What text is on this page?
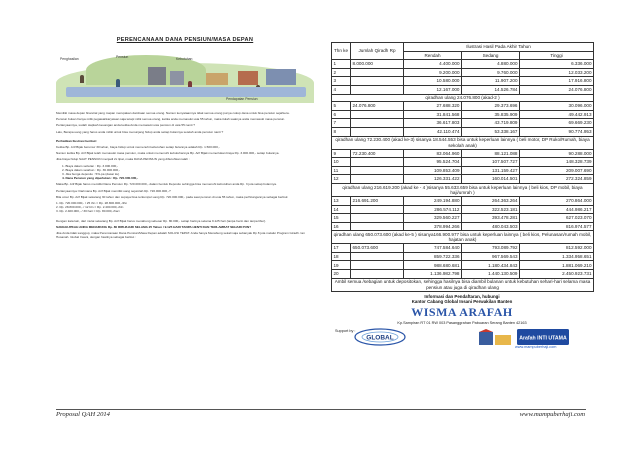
PERENCANAAN DANA PENSIUN/MASA DEPAN
Penghasilan	Pensiun	Kebutuhan
Pendapatan Pensiun

Memiliki masa depan financial yang mapan merupakan dambaan semua orang. Namun kenyataannya tidak semua orang punya cukup dana untuk bisa pensiun sejahtera.

Pensiun bukan hanya milik pegawai/karyawan saja tetapi milik semua orang, ketika anda memasuki usia 55 tahun, maka itulah saatnya anda memasuki masa pensiun.

Pertanyaannya, sudah siapkah keuangan anda ketika Anda memasuki usia pensiun di usia 55 nanti ?

Lalu, Berapa uang yang harus anda miliki untuk bisa menunjang hidup anda setiap bulannya setelah anda pensiun nanti ?

Perhatikan Ilustrasi berikut:

Ketika Bp. Arif Bijak berumur 30 tahun, biaya hidup untuk memenuhi kebutuhan setiap bulannya adalah Rp. 1.500.000,-

Namun ketika Bp. Arif Bijak telah memasuki masa pensiun, maka untuk memenuhi kebutuhannya Bp. Arif Bijak memerlukan biaya Rp. 3.000.000,- setiap bulannya.

Jika biaya hidup SAAT PENSIUN menjadi 2x lipat, maka DANA PENSIUN yang dibutuhkan ialah :

1. Biaya dalam sebulan : Rp. 3.000.000,-

2. Biaya dalam setahun : Rp. 36.000.000,-

3. Jika bunga deposito : 5%-pa (dasar ku)

4. Dana Pensiun yang diperlukan : Rp. 720.000.000,-

Maka Bp. Arif Bijak harus memiliki Dana Pensiun Rp. 720.000.000,- dalam bentuk Deposito sehingga bisa memenuhi kebutuhan anda Rp. 3 juta setiap bulannya.

Pertanyaannya: Darimana Bp. Arif Bijak memiliki uang sejumlah Rp. 720.000.000,-?

Bila umur Bp. Arif Bijak sekarang 30 tahun dan supaya bisa terkumpul uang Rp. 720.000.000,- pada saat pensiun di usia 55 tahun, maka perhitungannya sebagai berikut:

1. Rp. 720.000.000,- / 25 thn = Rp. 28.800.000,-/thn

2. Rp. 28.800.000,- / 12 bln = Rp. 2.400.000,-/bln

3. Rp. 2.400.000,- / 30 hari = Rp. 80.000,-/hari

Dengan kata lain, dari mulai sekarang Bp. Arif Bijak harus menabung sebesar Rp. 80.000,- setiap harinya selama 9.125 hari (tanpa henti dan tanpa libur).

SANGGUPKAH ANDA MENABUNG Rp. 80 RIBU/HARI SELAMA 25 Tahun / 9.125 HARI TANPA HENTI DAN TERLAMBAT SEHARI PUN?

Jika Anda tidak sanggup, maka Perencanaan Dana Pensiun/Masa Depan adalah SOLUSI TEPAT. Anda hanya Menabung sekali saja sebanyak Rp 8 juta melalui Program Giradh. Ian Hosanah. Global Insani, dengan hasilnya sebagai berikut :

Thn ke	Jumlah Qiradh Rp	Ilustrasi Hasil Pada Akhir Tahun		
		Rendah	Sedang	Tinggi
1	8.000.000	4.400.000	4.880.000	6.336.000
2		9.200.000	9.760.000	12.033.200
3		10.580.000	11.907.200	17.916.800
4		12.167.000	14.526.784	24.076.800
qiradhan ulang 24.076.800 (akad-2 )				
5	24.076.800	27.688.320	29.373.696	30.096.000
6		31.841.568	35.835.909	49.442.913
7		36.617.803	43.719.809	69.669.230
8		42.110.474	53.338.167	90.774.953
qiradhan ulang 72.230.400 (akad ke-3) sisanya 18.544.553 bisa untuk keperluan lainnya ( beli motor, DP Ruko/Rumah, biaya sekolah anak)				
9	72.230.400	83.064.960	88.121.088	90.288.000
10		95.524.704	107.507.727	148.328.739
11		109.853.409	131.159.427	209.007.690
12		126.331.422	160.014.501	272.324.859
qiradhan ulang 216.619.200 (akad ke - 4 )sisanya 55.633.659 bisa untuk keperluan lainnya ( beli kios, DP mobil, biaya haji/umrah )				
13	216.691.200	249.194.880	264.363.264	270.864.000
14		286.574.112	322.523.181	444.986.217
15		329.560.227	393.478.281	627.023.070
16		378.994.266	480.043.503	816.974.577
qiradhan ulang 650.073.600 (akad ke-5 ) sisanya166.900.977 bisa untuk keperluan lainnya ( beli kios, Pelunasan/rumah mobil, hajatan anak)				
17	650.073.600	747.584.640	793.089.792	812.592.000
18		859.722.336	967.569.543	1.334.958.651
19		988.680.681	1.180.434.843	1.881.069.210
20		1.136.982.798	1.440.130.509	2.450.923.731
Ambil semua /sebagian untuk depositokan, sehingga hasilnya bisa diambil bulanan untuk kebutuhan sehari-hari selama masa pensiun atau juga di qiradhan ulang				
Informasi dan Pendaftaran, hubungi
Kantor Cabang Global Insani Perwakilan Banten
WISMA ARAFAH
Kp.Sampiran RT 01 RW 003 Pasanggrahan Pabuaran Serang Banten 42163
Support by :
GLOBAL	Arafah INTI UTAMA
www.mampuberhaji.com
Proposal QAH 2014	www.mampuberhaji.com
